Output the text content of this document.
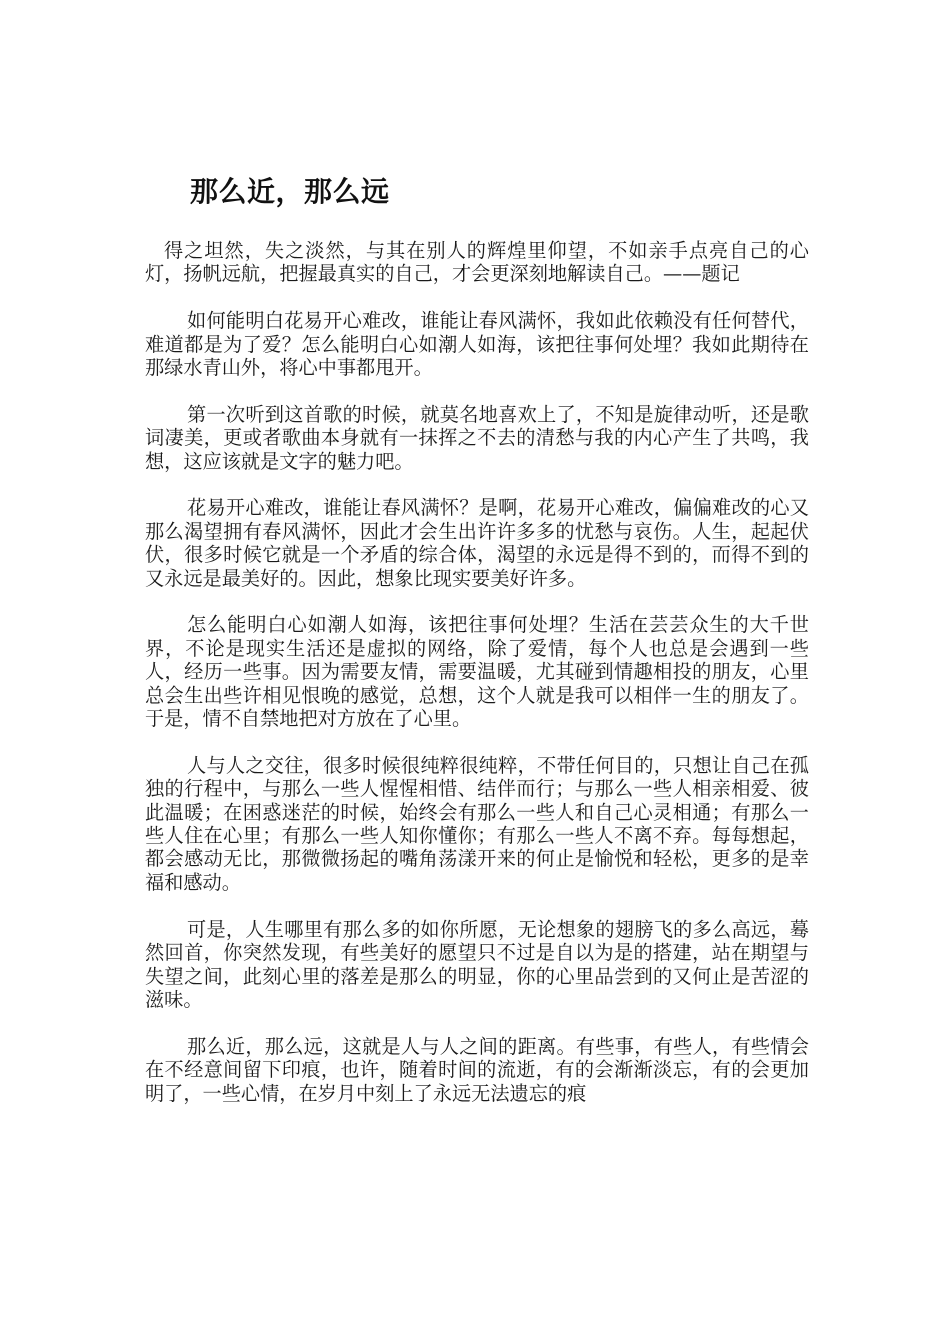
那么近，那么远

得之坦然，失之淡然，与其在别人的辉煌里仰望，不如亲手点亮自己的心灯，扬帆远航，把握最真实的自己，才会更深刻地解读自己。——题记

如何能明白花易开心难改，谁能让春风满怀，我如此依赖没有任何替代，难道都是为了爱？怎么能明白心如潮人如海，该把往事何处埋？我如此期待在那绿水青山外，将心中事都甩开。

第一次听到这首歌的时候，就莫名地喜欢上了，不知是旋律动听，还是歌词凄美，更或者歌曲本身就有一抹挥之不去的清愁与我的内心产生了共鸣，我想，这应该就是文字的魅力吧。

花易开心难改，谁能让春风满怀？是啊，花易开心难改，偏偏难改的心又那么渴望拥有春风满怀，因此才会生出许许多多的忧愁与哀伤。人生，起起伏伏，很多时候它就是一个矛盾的综合体，渴望的永远是得不到的，而得不到的又永远是最美好的。因此，想象比现实要美好许多。

怎么能明白心如潮人如海，该把往事何处埋？生活在芸芸众生的大千世界，不论是现实生活还是虚拟的网络，除了爱情，每个人也总是会遇到一些人，经历一些事。因为需要友情，需要温暖，尤其碰到情趣相投的朋友，心里总会生出些许相见恨晚的感觉，总想，这个人就是我可以相伴一生的朋友了。于是，情不自禁地把对方放在了心里。

人与人之交往，很多时候很纯粹很纯粹，不带任何目的，只想让自己在孤独的行程中，与那么一些人惺惺相惜、结伴而行；与那么一些人相亲相爱、彼此温暖；在困惑迷茫的时候，始终会有那么一些人和自己心灵相通；有那么一些人住在心里；有那么一些人知你懂你；有那么一些人不离不弃。每每想起，都会感动无比，那微微扬起的嘴角荡漾开来的何止是愉悦和轻松，更多的是幸福和感动。

可是，人生哪里有那么多的如你所愿，无论想象的翅膀飞的多么高远，蓦然回首，你突然发现，有些美好的愿望只不过是自以为是的搭建，站在期望与失望之间，此刻心里的落差是那么的明显，你的心里品尝到的又何止是苦涩的滋味。

那么近，那么远，这就是人与人之间的距离。有些事，有些人，有些情会在不经意间留下印痕，也许，随着时间的流逝，有的会渐渐淡忘，有的会更加明了，一些心情，在岁月中刻上了永远无法遗忘的痕
